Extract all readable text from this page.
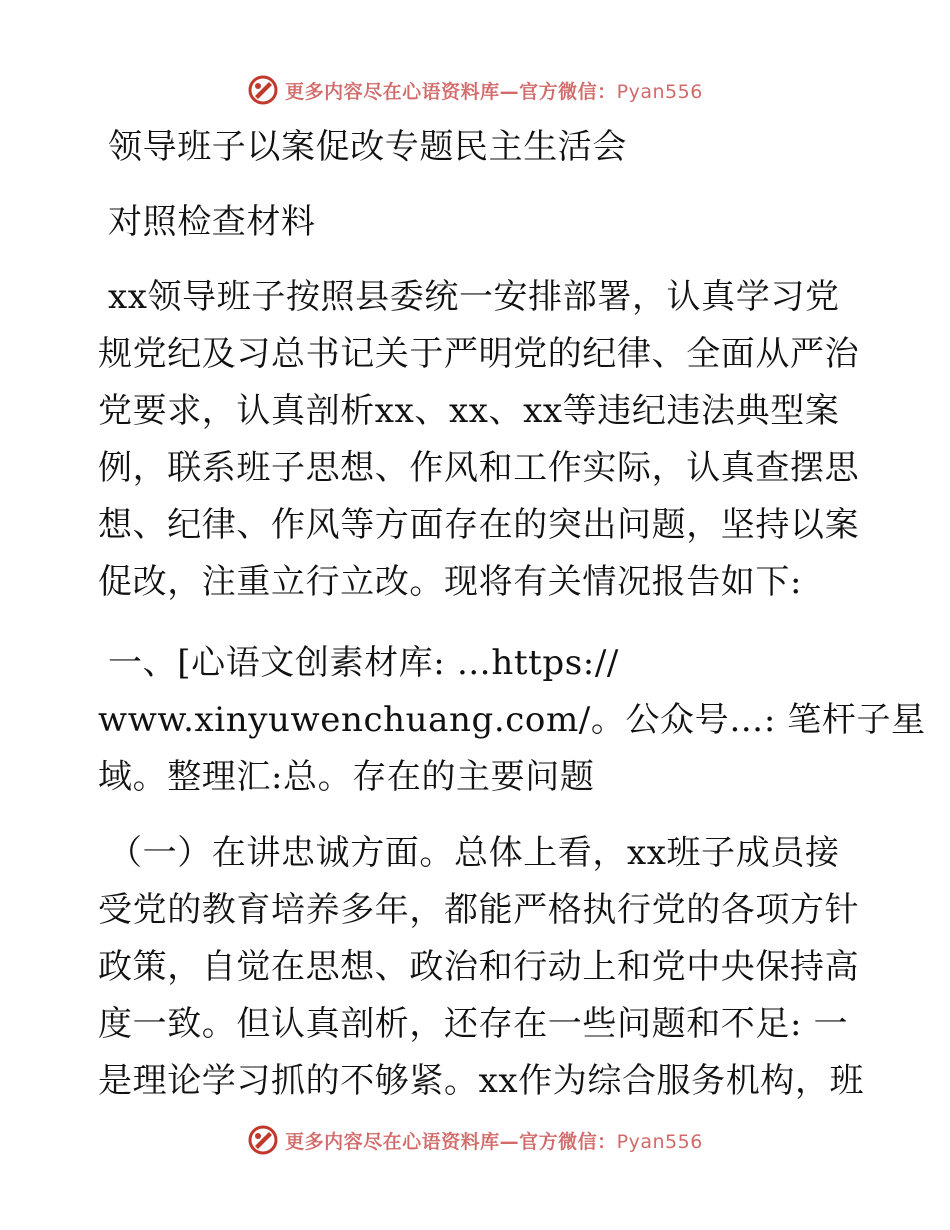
更多内容尽在心语资料库—官方微信：Pyan556
领导班子以案促改专题民主生活会
对照检查材料
xx领导班子按照县委统一安排部署，认真学习党
规党纪及习总书记关于严明党的纪律、全面从严治
党要求，认真剖析xx、xx、xx等违纪违法典型案
例，联系班子思想、作风和工作实际，认真查摆思
想、纪律、作风等方面存在的突出问题，坚持以案
促改，注重立行立改。现将有关情况报告如下:
一、[心语文创素材库: …https://
www.xinyuwenchuang.com/。公众号…: 笔杆子星
域。整理汇:总。存在的主要问题
（一）在讲忠诚方面。总体上看，xx班子成员接
受党的教育培养多年，都能严格执行党的各项方针
政策，自觉在思想、政治和行动上和党中央保持高
度一致。但认真剖析，还存在一些问题和不足: 一
是理论学习抓的不够紧。xx作为综合服务机构，班
更多内容尽在心语资料库—官方微信：Pyan556
